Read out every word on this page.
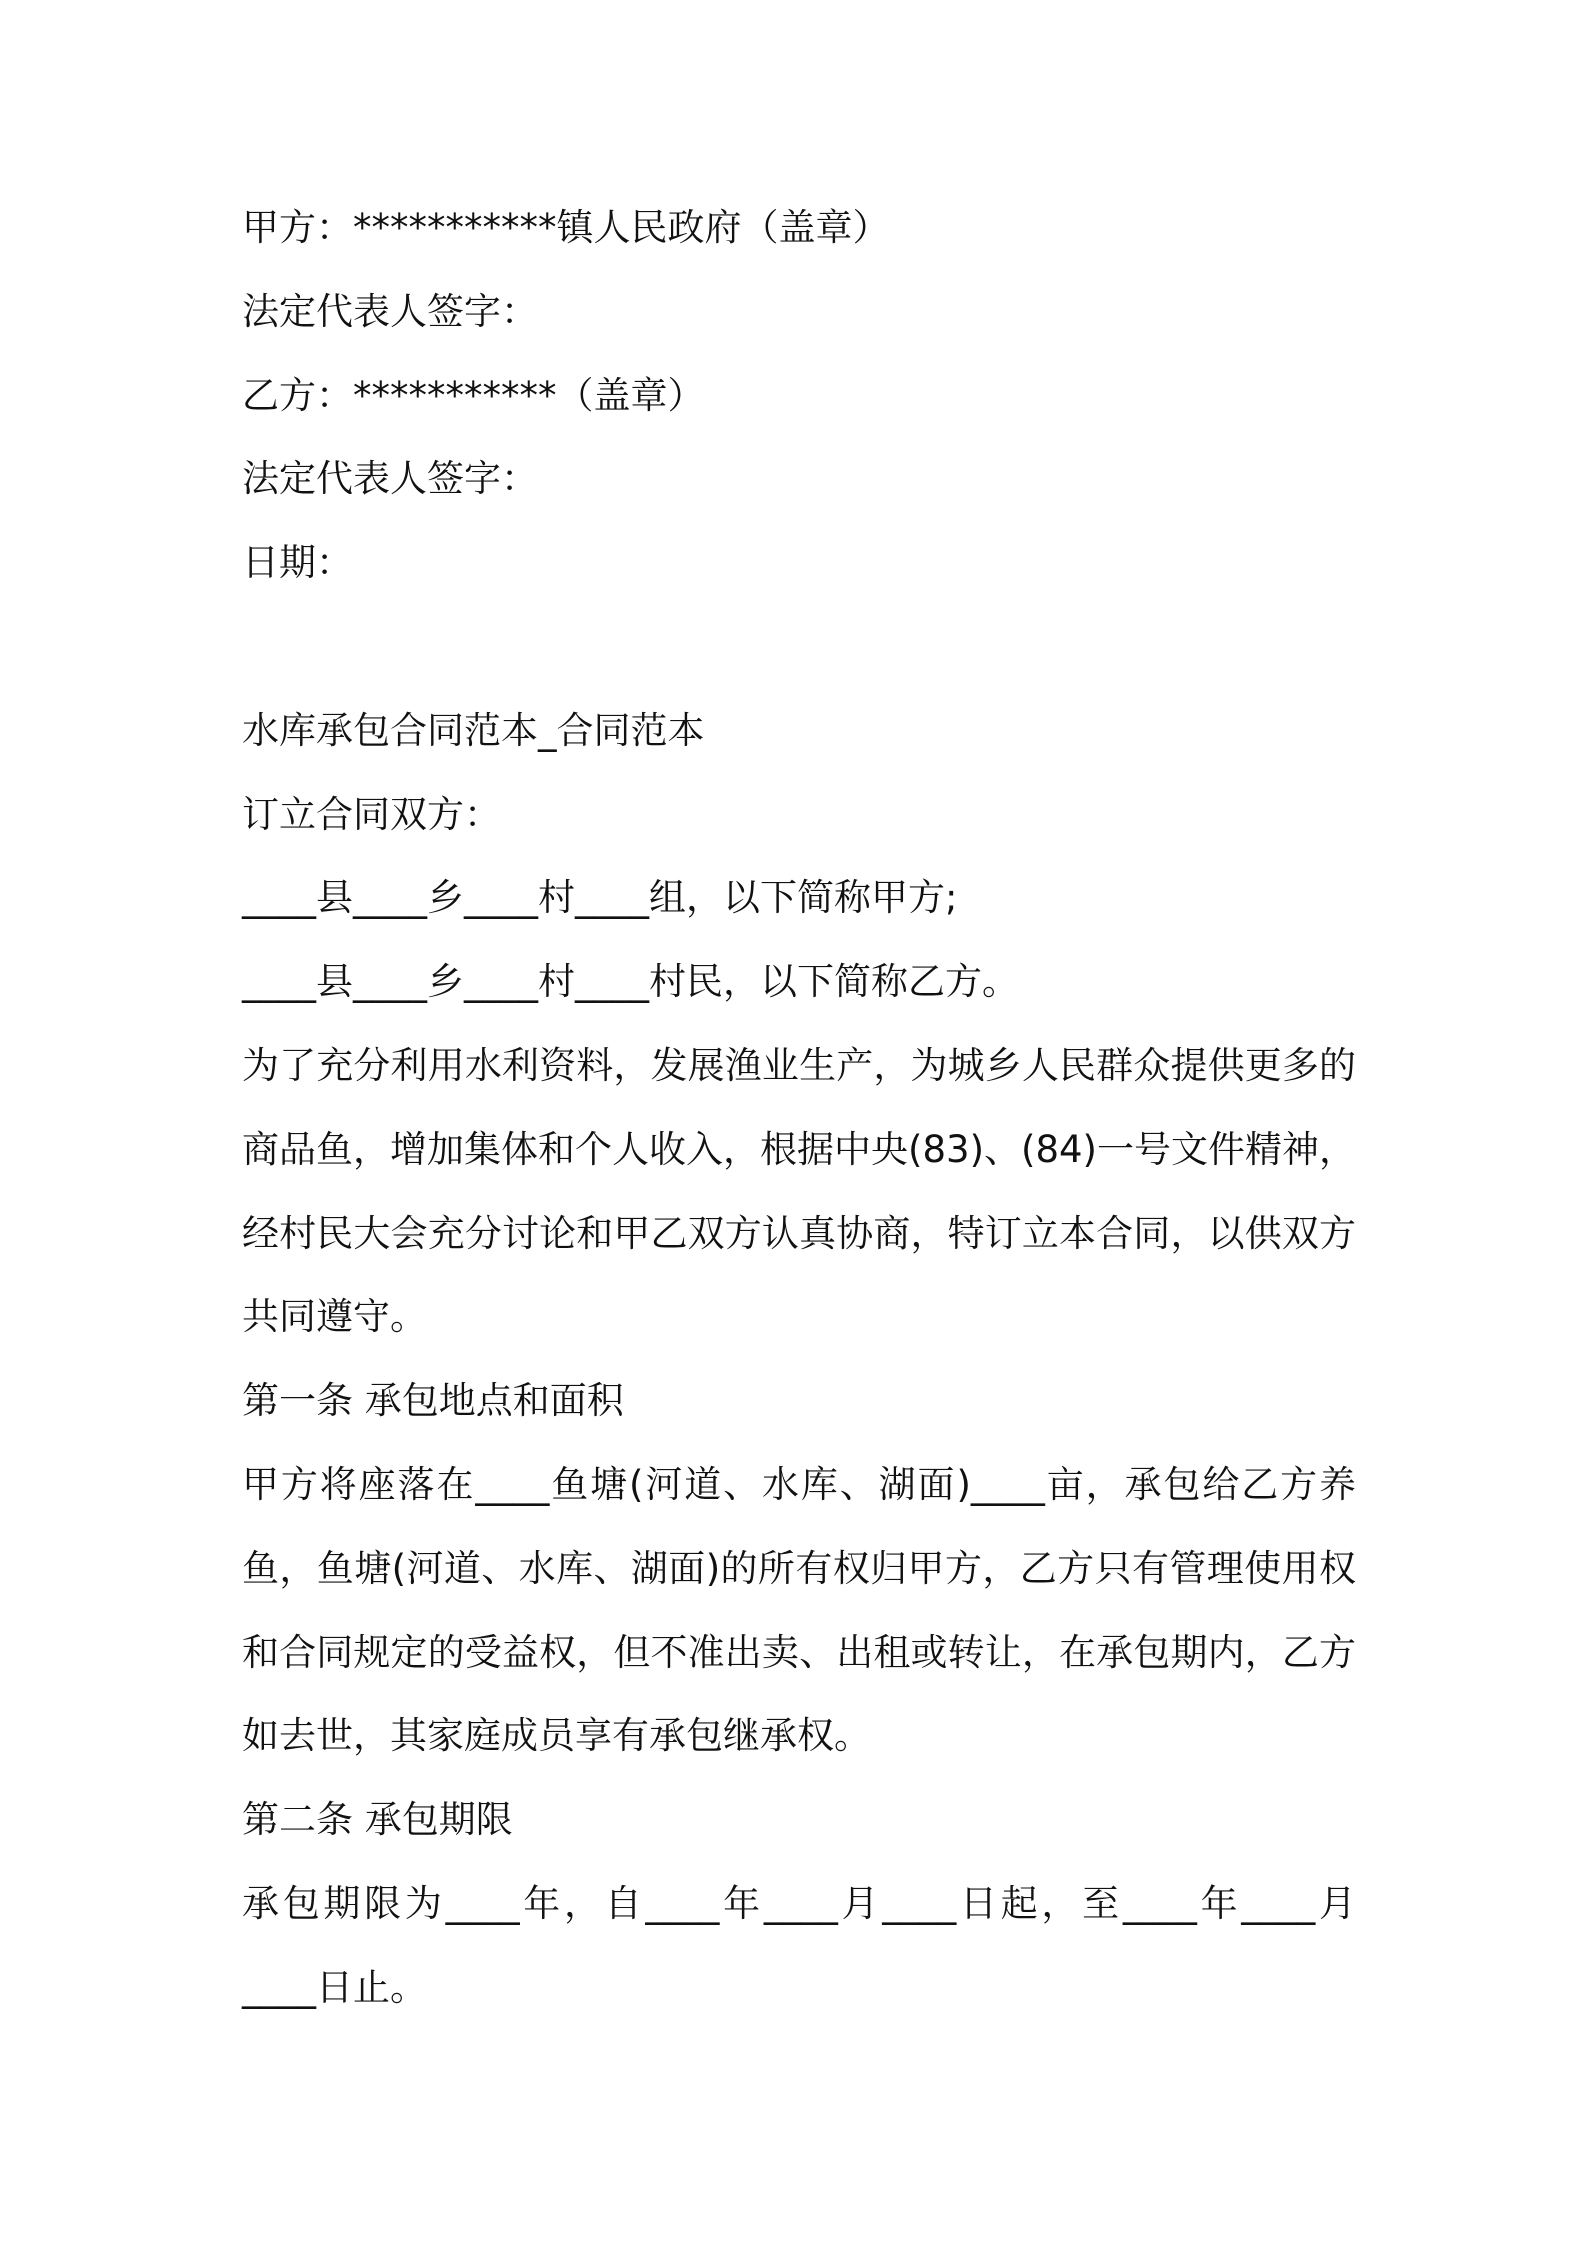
甲方：***********镇人民政府（盖章）
法定代表人签字：
乙方：***********（盖章）
法定代表人签字：
日期：
水库承包合同范本_合同范本
订立合同双方：
____县____乡____村____组，以下简称甲方;
____县____乡____村____村民，以下简称乙方。
为了充分利用水利资料，发展渔业生产，为城乡人民群众提供更多的
商品鱼，增加集体和个人收入，根据中央(83)、(84)一号文件精神，
经村民大会充分讨论和甲乙双方认真协商，特订立本合同，以供双方
共同遵守。
第一条 承包地点和面积
甲方将座落在____鱼塘(河道、水库、湖面)____亩，承包给乙方养
鱼，鱼塘(河道、水库、湖面)的所有权归甲方，乙方只有管理使用权
和合同规定的受益权，但不准出卖、出租或转让，在承包期内，乙方
如去世，其家庭成员享有承包继承权。
第二条 承包期限
承包期限为____年，自____年____月____日起，至____年____月
____日止。
